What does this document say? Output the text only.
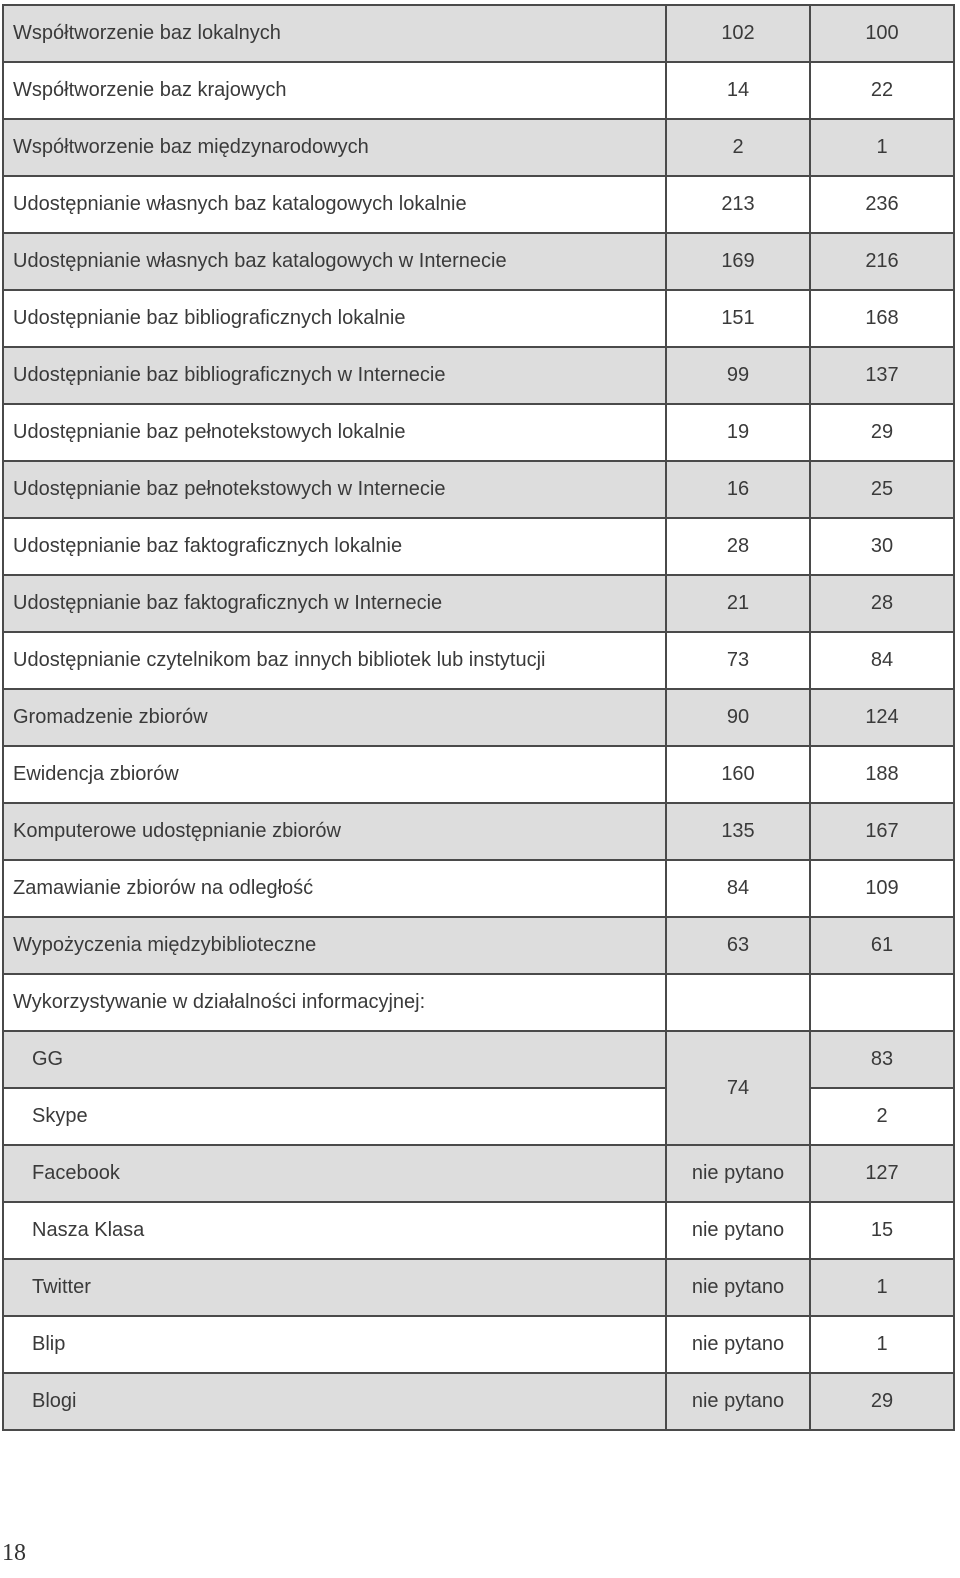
Współtworzenie baz lokalnych	102	100
Współtworzenie baz krajowych	14	22
Współtworzenie baz międzynarodowych	2	1
Udostępnianie własnych baz katalogowych lokalnie	213	236
Udostępnianie własnych baz katalogowych w Internecie	169	216
Udostępnianie baz bibliograficznych lokalnie	151	168
Udostępnianie baz bibliograficznych w Internecie	99	137
Udostępnianie baz pełnotekstowych lokalnie	19	29
Udostępnianie baz pełnotekstowych w Internecie	16	25
Udostępnianie baz faktograficznych lokalnie	28	30
Udostępnianie baz faktograficznych w Internecie	21	28
Udostępnianie czytelnikom baz innych bibliotek lub instytucji	73	84
Gromadzenie zbiorów	90	124
Ewidencja zbiorów	160	188
Komputerowe udostępnianie zbiorów	135	167
Zamawianie zbiorów na odległość	84	109
Wypożyczenia międzybiblioteczne	63	61
Wykorzystywanie w działalności informacyjnej:		
GG	74	83
Skype		2
Facebook	nie pytano	127
Nasza Klasa	nie pytano	15
Twitter	nie pytano	1
Blip	nie pytano	1
Blogi	nie pytano	29
18
